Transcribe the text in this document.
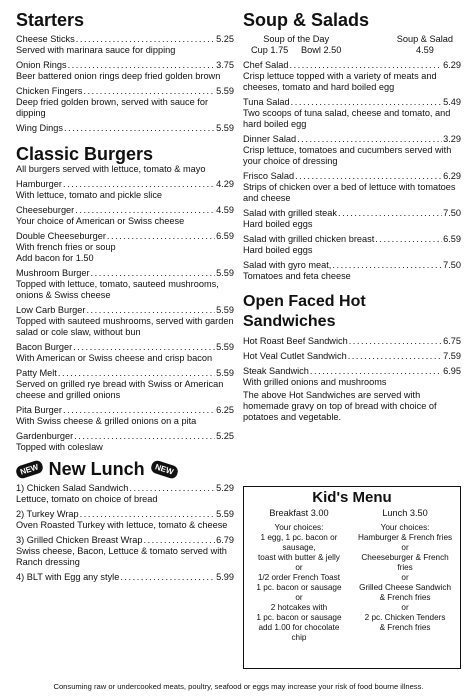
Starters
Cheese Sticks . . .	5.25
Served with marinara sauce for dipping
Onion Rings . . .	3.75
Beer battered onion rings deep fried golden brown
Chicken Fingers . . .	5.59
Deep fried golden brown, served with sauce for dipping
Wing Dings . . .	5.59
Classic Burgers
All burgers served with lettuce, tomato & mayo
Hamburger . . .	4.29
With lettuce, tomato and pickle slice
Cheeseburger . . .	4.59
Your choice of American or Swiss cheese
Double Cheeseburger . . .	6.59
With french fries or soup
Add bacon for 1.50
Mushroom Burger . . .	5.59
Topped with lettuce, tomato, sauteed mushrooms, onions & Swiss cheese
Low Carb Burger . . .	5.59
Topped with sauteed mushrooms, served with garden salad or cole slaw, without bun
Bacon Burger . . .	5.59
With American or Swiss cheese and crisp bacon
Patty Melt . . .	5.59
Served on grilled rye bread with Swiss or American cheese and grilled onions
Pita Burger . . .	6.25
With Swiss cheese & grilled onions on a pita
Gardenburger . . .	5.25
Topped with coleslaw
NEW New Lunch	NEW
1) Chicken Salad Sandwich . . .	5.29
Lettuce, tomato on choice of bread
2) Turkey Wrap . . .	5.59
Oven Roasted Turkey with lettuce, tomato & cheese
3) Grilled Chicken Breast Wrap . . .	6.79
Swiss cheese, Bacon, Lettuce & tomato served with Ranch dressing
4) BLT with Egg any style . . .	5.99
Soup & Salads
Soup of the Day
Cup 1.75     Bowl 2.50
Soup & Salad
4.59
Chef Salad . . .	6.29
Crisp lettuce topped with a variety of meats and cheeses, tomato and hard boiled egg
Tuna Salad . . .	5.49
Two scoops of tuna salad, cheese and tomato, and hard boiled egg
Dinner Salad . . .	3.29
Crisp lettuce, tomatoes and cucumbers served with your choice of dressing
Frisco Salad . . .	6.29
Strips of chicken over a bed of lettuce with tomatoes and cheese
Salad with grilled steak . . .	7.50
Hard boiled eggs
Salad with grilled chicken breast . . .	6.59
Hard boiled eggs
Salad with gyro meat, . . .	7.50
Tomatoes and feta cheese
Open Faced Hot Sandwiches
Hot Roast Beef Sandwich . . .	6.75
Hot Veal Cutlet Sandwich . . .	7.59
Steak Sandwich . . .	6.95
With grilled onions and mushrooms
The above Hot Sandwiches are served with homemade gravy on top of bread with choice of potatoes and vegetable.
Kid's Menu
Breakfast 3.00
Your choices:
1 egg, 1 pc. bacon or sausage,
toast with butter & jelly
or
1/2 order French Toast
1 pc. bacon or sausage
or
2 hotcakes with
1 pc. bacon or sausage
add 1.00 for chocolate chip
Lunch 3.50
Your choices:
Hamburger & French fries
or
Cheeseburger & French fries
or
Grilled Cheese Sandwich
& French fries
or
2 pc. Chicken Tenders
& French fries
Consuming raw or undercooked meats, poultry, seafood or eggs may increase your risk of food bourne illness.
